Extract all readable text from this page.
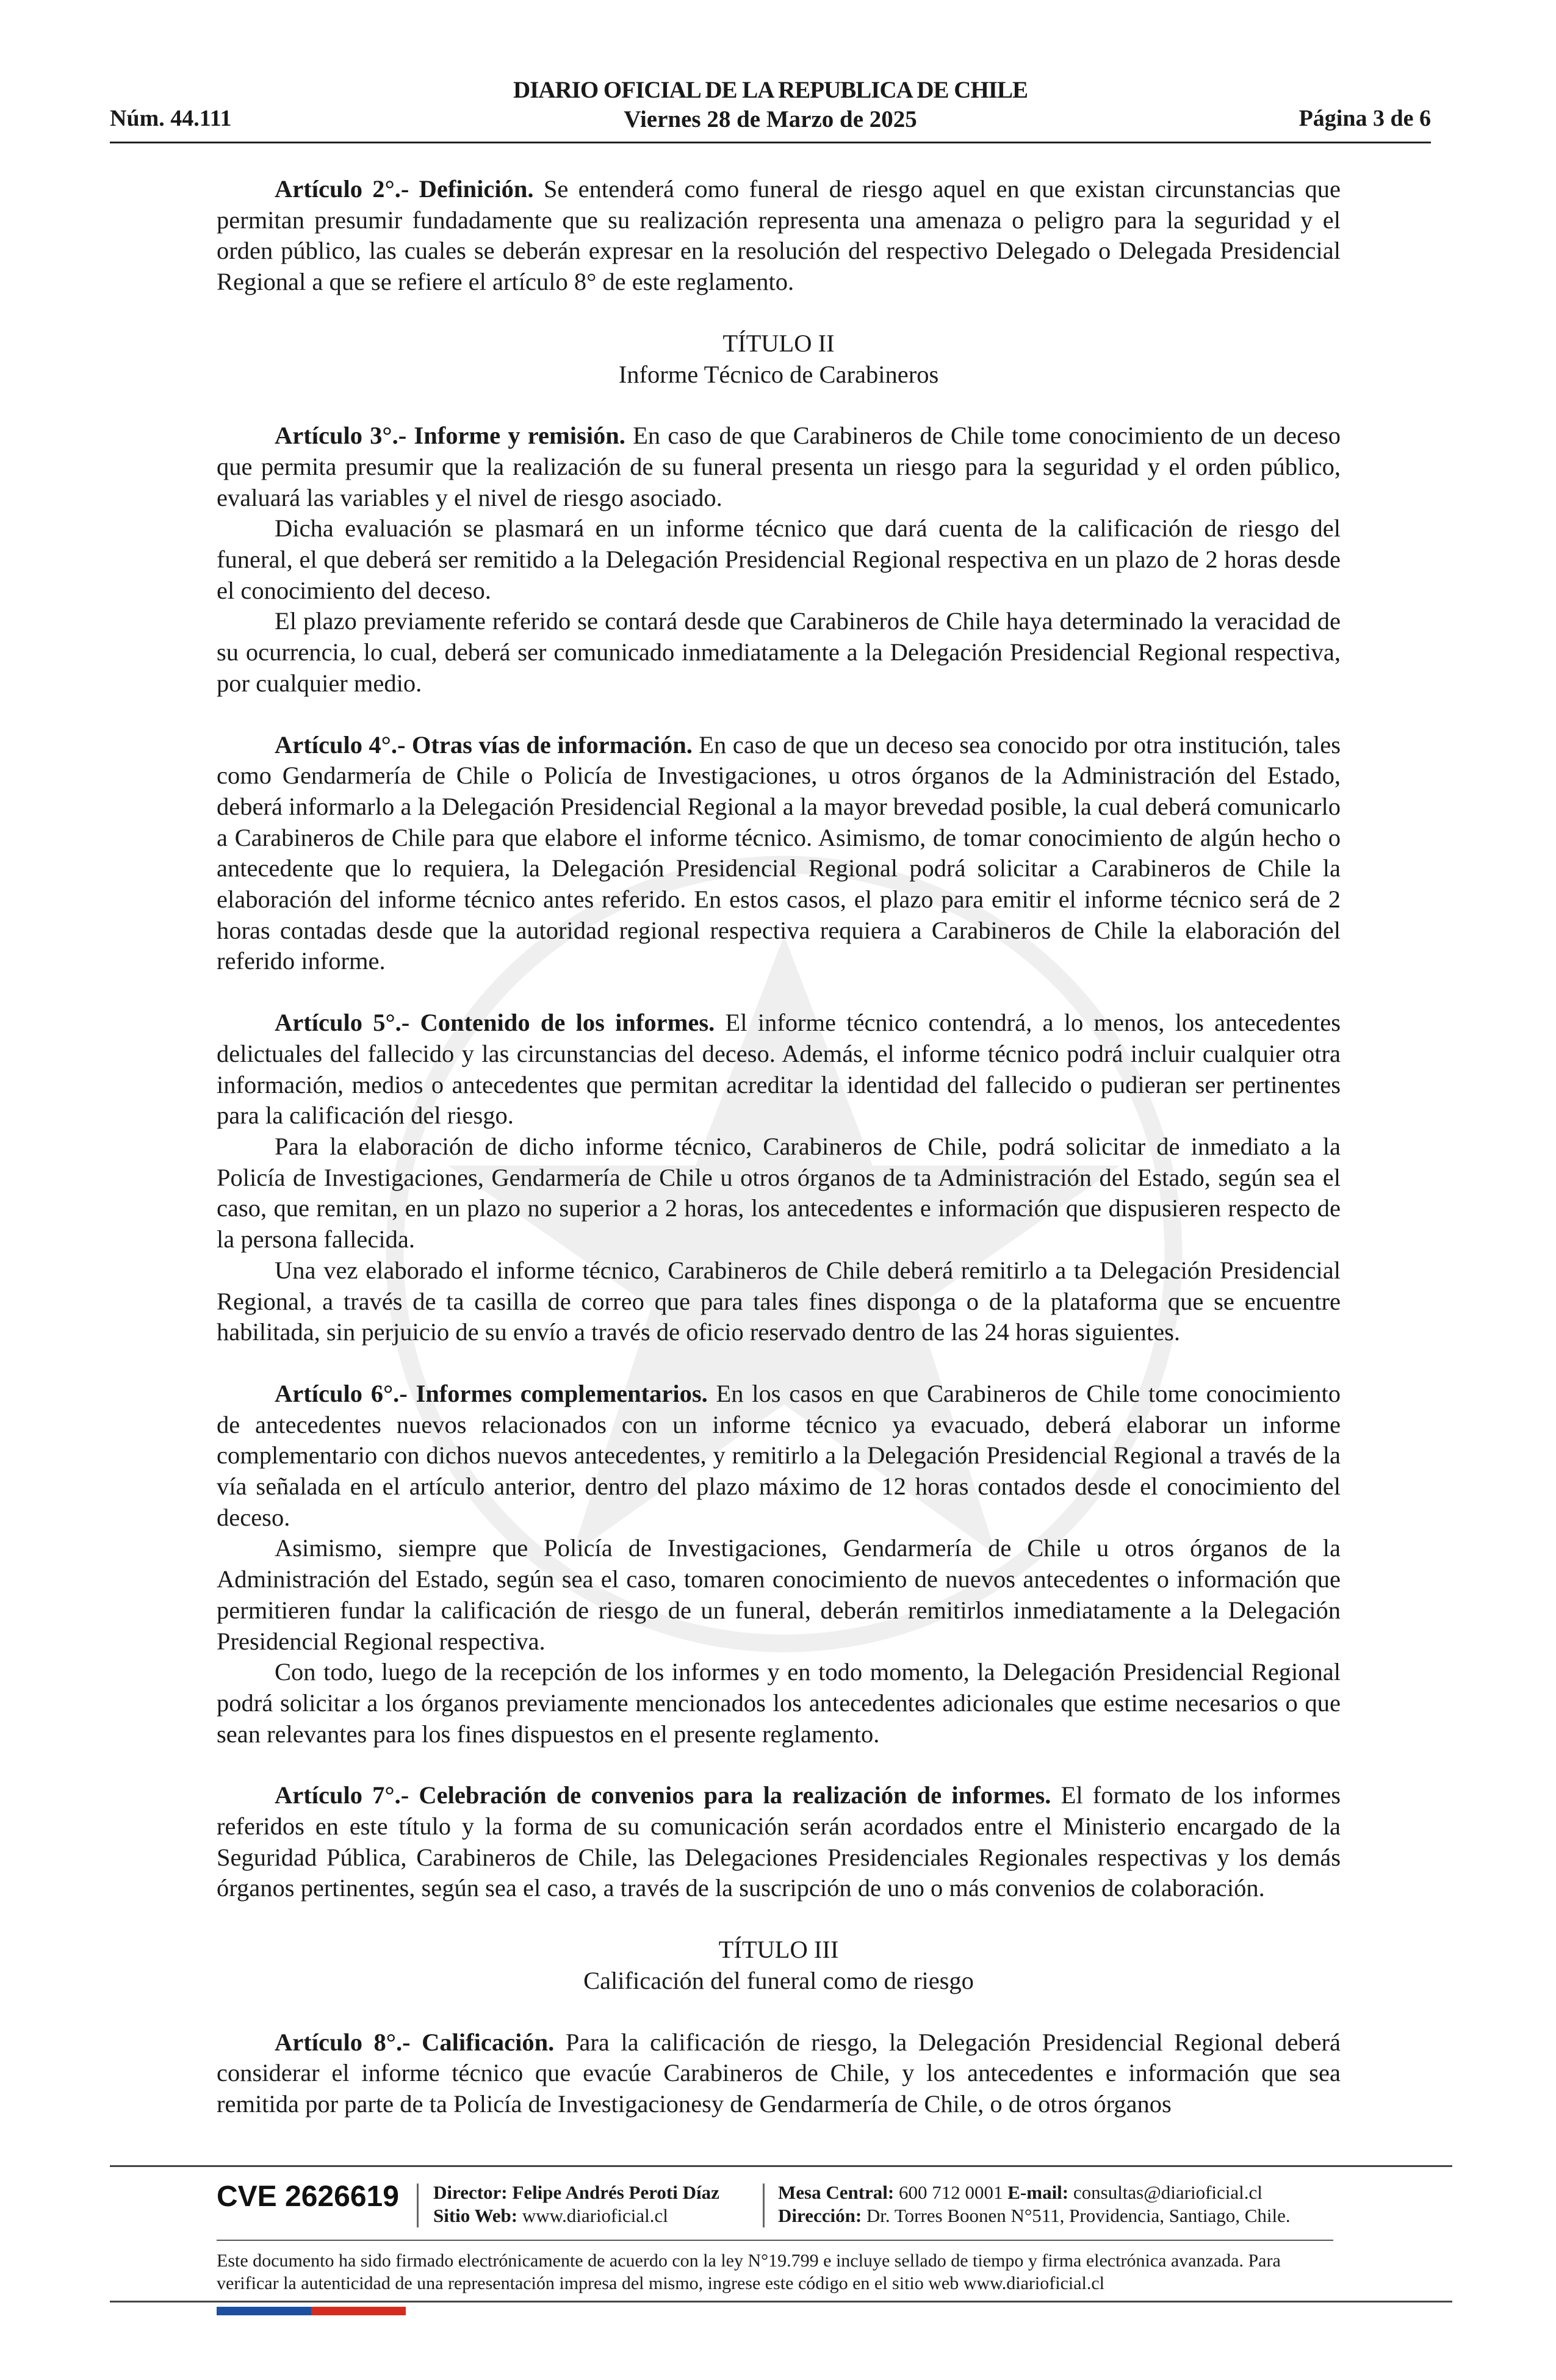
Núm. 44.111
DIARIO OFICIAL DE LA REPUBLICA DE CHILE
Viernes 28 de Marzo de 2025	Página 3 de 6

Artículo 2°.- Definición. Se entenderá como funeral de riesgo aquel en que existan circunstancias que permitan presumir fundadamente que su realización representa una amenaza o peligro para la seguridad y el orden público, las cuales se deberán expresar en la resolución del respectivo Delegado o Delegada Presidencial Regional a que se refiere el artículo 8° de este reglamento.

TÍTULO II

Informe Técnico de Carabineros

Artículo 3°.- Informe y remisión. En caso de que Carabineros de Chile tome conocimiento de un deceso que permita presumir que la realización de su funeral presenta un riesgo para la seguridad y el orden público, evaluará las variables y el nivel de riesgo asociado.

Dicha evaluación se plasmará en un informe técnico que dará cuenta de la calificación de riesgo del funeral, el que deberá ser remitido a la Delegación Presidencial Regional respectiva en un plazo de 2 horas desde el conocimiento del deceso.

El plazo previamente referido se contará desde que Carabineros de Chile haya determinado la veracidad de su ocurrencia, lo cual, deberá ser comunicado inmediatamente a la Delegación Presidencial Regional respectiva, por cualquier medio.

Artículo 4°.- Otras vías de información. En caso de que un deceso sea conocido por otra institución, tales como Gendarmería de Chile o Policía de Investigaciones, u otros órganos de la Administración del Estado, deberá informarlo a la Delegación Presidencial Regional a la mayor brevedad posible, la cual deberá comunicarlo a Carabineros de Chile para que elabore el informe técnico. Asimismo, de tomar conocimiento de algún hecho o antecedente que lo requiera, la Delegación Presidencial Regional podrá solicitar a Carabineros de Chile la elaboración del informe técnico antes referido. En estos casos, el plazo para emitir el informe técnico será de 2 horas contadas desde que la autoridad regional respectiva requiera a Carabineros de Chile la elaboración del referido informe.

Artículo 5°.- Contenido de los informes. El informe técnico contendrá, a lo menos, los antecedentes delictuales del fallecido y las circunstancias del deceso. Además, el informe técnico podrá incluir cualquier otra información, medios o antecedentes que permitan acreditar la identidad del fallecido o pudieran ser pertinentes para la calificación del riesgo.

Para la elaboración de dicho informe técnico, Carabineros de Chile, podrá solicitar de inmediato a la Policía de Investigaciones, Gendarmería de Chile u otros órganos de ta Administración del Estado, según sea el caso, que remitan, en un plazo no superior a 2 horas, los antecedentes e información que dispusieren respecto de la persona fallecida.

Una vez elaborado el informe técnico, Carabineros de Chile deberá remitirlo a ta Delegación Presidencial Regional, a través de ta casilla de correo que para tales fines disponga o de la plataforma que se encuentre habilitada, sin perjuicio de su envío a través de oficio reservado dentro de las 24 horas siguientes.

Artículo 6°.- Informes complementarios. En los casos en que Carabineros de Chile tome conocimiento de antecedentes nuevos relacionados con un informe técnico ya evacuado, deberá elaborar un informe complementario con dichos nuevos antecedentes, y remitirlo a la Delegación Presidencial Regional a través de la vía señalada en el artículo anterior, dentro del plazo máximo de 12 horas contados desde el conocimiento del deceso.

Asimismo, siempre que Policía de Investigaciones, Gendarmería de Chile u otros órganos de la Administración del Estado, según sea el caso, tomaren conocimiento de nuevos antecedentes o información que permitieren fundar la calificación de riesgo de un funeral, deberán remitirlos inmediatamente a la Delegación Presidencial Regional respectiva.

Con todo, luego de la recepción de los informes y en todo momento, la Delegación Presidencial Regional podrá solicitar a los órganos previamente mencionados los antecedentes adicionales que estime necesarios o que sean relevantes para los fines dispuestos en el presente reglamento.

Artículo 7°.- Celebración de convenios para la realización de informes. El formato de los informes referidos en este título y la forma de su comunicación serán acordados entre el Ministerio encargado de la Seguridad Pública, Carabineros de Chile, las Delegaciones Presidenciales Regionales respectivas y los demás órganos pertinentes, según sea el caso, a través de la suscripción de uno o más convenios de colaboración.

TÍTULO III

Calificación del funeral como de riesgo

Artículo 8°.- Calificación. Para la calificación de riesgo, la Delegación Presidencial Regional deberá considerar el informe técnico que evacúe Carabineros de Chile, y los antecedentes e información que sea remitida por parte de ta Policía de Investigacionesy de Gendarmería de Chile, o de otros órganos

CVE 2626619 Director: Felipe Andrés Peroti Díaz
Sitio Web: www.diarioficial.cl
Mesa Central: 600 712 0001 E-mail: consultas@diarioficial.cl
Dirección: Dr. Torres Boonen N°511, Providencia, Santiago, Chile.
Este documento ha sido firmado electrónicamente de acuerdo con la ley N°19.799 e incluye sellado de tiempo y firma electrónica avanzada. Para verificar la autenticidad de una representación impresa del mismo, ingrese este código en el sitio web www.diarioficial.cl
